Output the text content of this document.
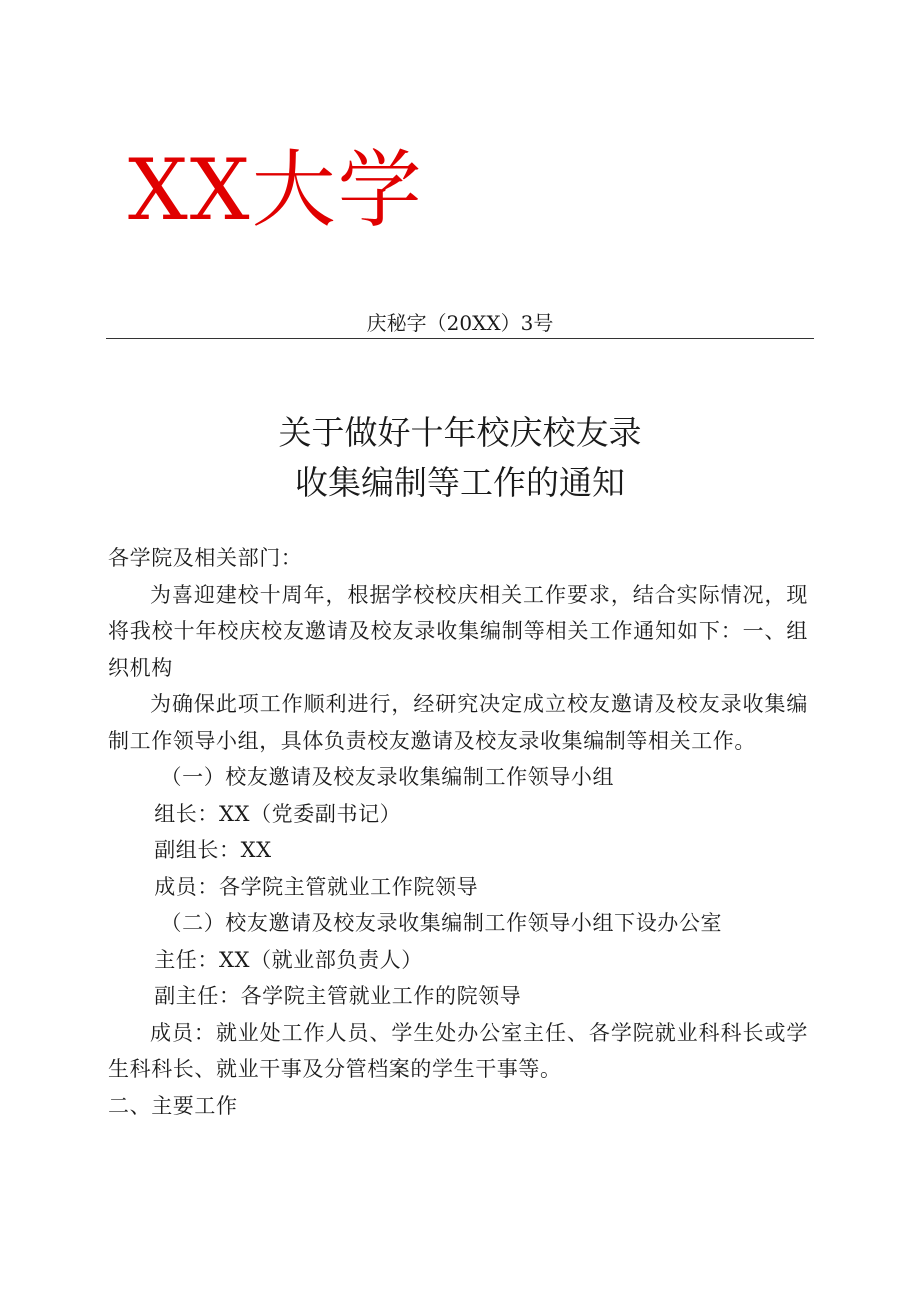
XX大学
庆秘字（20XX）3号
关于做好十年校庆校友录
收集编制等工作的通知

各学院及相关部门：

为喜迎建校十周年，根据学校校庆相关工作要求，结合实际情况，现将我校十年校庆校友邀请及校友录收集编制等相关工作通知如下：一、组织机构

为确保此项工作顺利进行，经研究决定成立校友邀请及校友录收集编制工作领导小组，具体负责校友邀请及校友录收集编制等相关工作。

（一）校友邀请及校友录收集编制工作领导小组

组长：XX（党委副书记）

副组长：XX

成员：各学院主管就业工作院领导

（二）校友邀请及校友录收集编制工作领导小组下设办公室

主任：XX（就业部负责人）

副主任：各学院主管就业工作的院领导

成员：就业处工作人员、学生处办公室主任、各学院就业科科长或学生科科长、就业干事及分管档案的学生干事等。

二、主要工作
